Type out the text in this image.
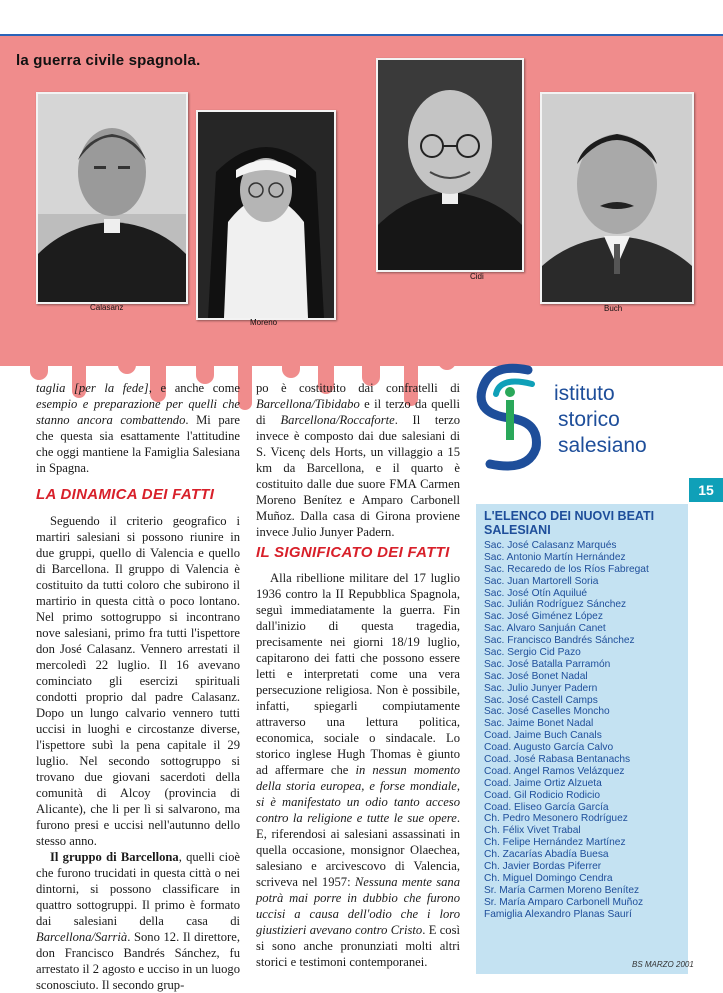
la guerra civile spagnola.
Calasanz
Moreno
Cidi
Buch

taglia [per la fede], e anche come esempio e preparazione per quelli che stanno ancora combattendo. Mi pare che questa sia esattamente l'attitudine che oggi mantiene la Famiglia Salesiana in Spagna.

LA DINAMICA DEI FATTI

Seguendo il criterio geografico i martiri salesiani si possono riunire in due gruppi, quello di Valencia e quello di Barcellona. Il gruppo di Valencia è costituito da tutti coloro che subirono il martirio in questa città o poco lontano. Nel primo sottogruppo si incontrano nove salesiani, primo fra tutti l'ispettore don José Calasanz. Vennero arrestati il mercoledì 22 luglio. Il 16 avevano cominciato gli esercizi spirituali condotti proprio dal padre Calasanz. Dopo un lungo calvario vennero tutti uccisi in luoghi e circostanze diverse, l'ispettore subì la pena capitale il 29 luglio. Nel secondo sottogruppo si trovano due giovani sacerdoti della comunità di Alcoy (provincia di Alicante), che li per lì si salvarono, ma furono presi e uccisi nell'autunno dello stesso anno.

Il gruppo di Barcellona, quelli cioè che furono trucidati in questa città o nei dintorni, si possono classificare in quattro sottogruppi. Il primo è formato dai salesiani della casa di Barcellona/Sarrià. Sono 12. Il direttore, don Francisco Bandrés Sánchez, fu arrestato il 2 agosto e ucciso in un luogo sconosciuto. Il secondo grup-

po è costituito dai confratelli di Barcellona/Tibidabo e il terzo da quelli di Barcellona/Roccaforte. Il terzo invece è composto dai due salesiani di S. Vicenç dels Horts, un villaggio a 15 km da Barcellona, e il quarto è costituito dalle due suore FMA Carmen Moreno Benítez e Amparo Carbonell Muñoz. Dalla casa di Girona proviene invece Julio Junyer Padern.

IL SIGNIFICATO DEI FATTI

Alla ribellione militare del 17 luglio 1936 contro la II Repubblica Spagnola, seguì immediatamente la guerra. Fin dall'inizio di questa tragedia, precisamente nei giorni 18/19 luglio, capitarono dei fatti che possono essere letti e interpretati come una vera persecuzione religiosa. Non è possibile, infatti, spiegarli compiutamente attraverso una lettura politica, economica, sociale o sindacale. Lo storico inglese Hugh Thomas è giunto ad affermare che in nessun momento della storia europea, e forse mondiale, si è manifestato un odio tanto acceso contro la religione e tutte le sue opere. E, riferendosi ai salesiani assassinati in quella occasione, monsignor Olaechea, salesiano e arcivescovo di Valencia, scriveva nel 1957: Nessuna mente sana potrà mai porre in dubbio che furono uccisi a causa dell'odio che i loro giustizieri avevano contro Cristo. E così si sono anche pronunziati molti altri storici e testimoni contemporanei.

istituto
storico
salesiano
15
L'ELENCO DEI NUOVI BEATI SALESIANI
Sac. José Calasanz Marqués
Sac. Antonio Martín Hernández
Sac. Recaredo de los Ríos Fabregat
Sac. Juan Martorell Soria
Sac. José Otín Aquilué
Sac. Julián Rodríguez Sánchez
Sac. José Giménez López
Sac. Alvaro Sanjuán Canet
Sac. Francisco Bandrés Sánchez
Sac. Sergio Cid Pazo
Sac. José Batalla Parramón
Sac. José Bonet Nadal
Sac. Julio Junyer Padern
Sac. José Castell Camps
Sac. José Caselles Moncho
Sac. Jaime Bonet Nadal
Coad. Jaime Buch Canals
Coad. Augusto García Calvo
Coad. José Rabasa Bentanachs
Coad. Angel Ramos Velázquez
Coad. Jaime Ortiz Alzueta
Coad. Gil Rodicio Rodicio
Coad. Eliseo García García
Ch. Pedro Mesonero Rodríguez
Ch. Félix Vivet Trabal
Ch. Felipe Hernández Martínez
Ch. Zacarías Abadía Buesa
Ch. Javier Bordas Piferrer
Ch. Miguel Domingo Cendra
Sr. María Carmen Moreno Benítez
Sr. María Amparo Carbonell Muñoz
Famiglia Alexandro Planas Saurí
BS MARZO 2001
